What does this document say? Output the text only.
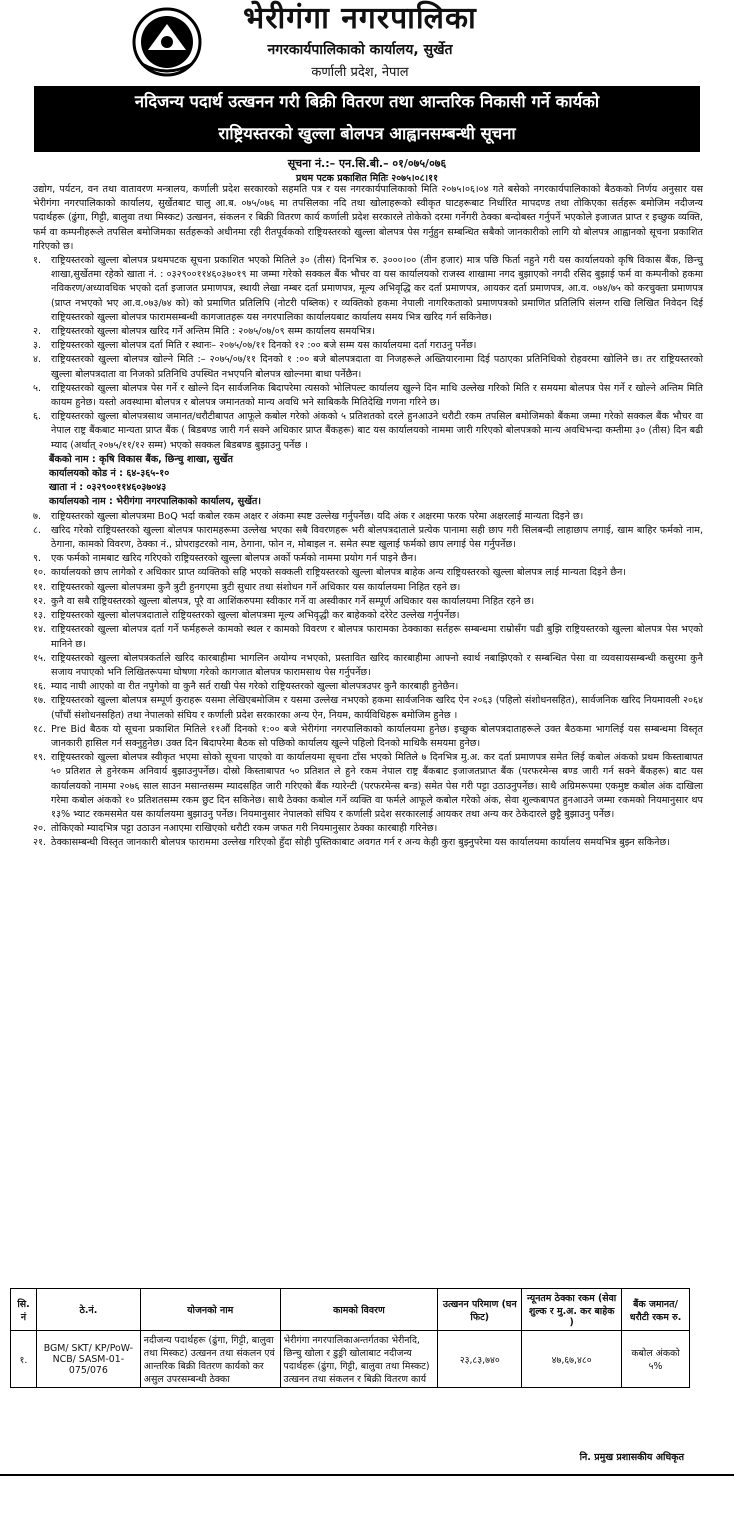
भेरीगंगा नगरपालिका
नगरकार्यपालिकाको कार्यालय, सुर्खेत
कर्णाली प्रदेश, नेपाल
नदिजन्य पदार्थ उत्खनन गरी बिक्री वितरण तथा आन्तरिक निकासी गर्ने कार्यको
राष्ट्रियस्तरको खुल्ला बोलपत्र आह्वानसम्बन्धी सूचना
सूचना नं.:– एन.सि.बी.– ०१/०७५/०७६
प्रथम पटक प्रकाशित मितिः २०७५।०८।११

उद्योग, पर्यटन, वन तथा वातावरण मन्त्रालय, कर्णाली प्रदेश सरकारको सहमति पत्र र यस नगरकार्यपालिकाको मिति २०७५।०६।०४ गते बसेको नगरकार्यपालिकाको बैठकको निर्णय अनुसार यस भेरीगंगा नगरपालिकाको कार्यालय, सुर्खेतबाट चालु आ.ब. ०७५/०७६ मा तपसिलका नदि तथा खोलाहरूको स्वीकृत घाटहरूबाट निर्धारित मापदण्ड तथा तोकिएका सर्तहरू बमोजिम नदीजन्य पदार्थहरू (ढुंगा, गिट्टी, बालुवा तथा मिस्कट) उत्खनन, संकलन र बिक्री वितरण कार्य कर्णाली प्रदेश सरकारले तोकेको दरमा गर्नेगरी ठेक्का बन्दोबस्त गर्नुपर्ने भएकोले इजाजत प्राप्त र इच्छुक व्यक्ति, फर्म वा कम्पनीहरूले तपसिल बमोजिमका सर्तहरूको अधीनमा रही रीतपूर्वकको राष्ट्रियस्तरको खुल्ला बोलपत्र पेस गर्नुहुन सम्बन्धित सबैको जानकारीको लागि यो बोलपत्र आह्वानको सूचना प्रकाशित गरिएको छ।

१.	राष्ट्रियस्तरको खुल्ला बोलपत्र प्रथमपटक सूचना प्रकाशित भएको मितिले ३० (तीस) दिनभित्र रु. ३०००।०० (तीन हजार) मात्र पछि फिर्ता नहुने गरी यस कार्यालयको कृषि विकास बैंक, छिन्चु शाखा,सुर्खेतमा रहेको खाता नं. : ०३२९००११४६०३७०१९ मा जम्मा गरेको सक्कल बैंक भौचर वा यस कार्यालयको राजस्व शाखामा नगद बुझाएको नगदी रसिद बुझाई फर्म वा कम्पनीको हकमा नविकरण/अध्यावधिक भएको दर्ता इजाजत प्रमाणपत्र, स्थायी लेखा नम्बर दर्ता प्रमाणपत्र, मूल्य अभिवृद्धि कर दर्ता प्रमाणपत्र, आयकर दर्ता प्रमाणपत्र, आ.व. ०७४/७५ को करचुक्ता प्रमाणपत्र (प्राप्त नभएको भए आ.व.०७३/७४ को) को प्रमाणित प्रतिलिपि (नोटरी पब्लिक) र व्यक्तिको हकमा नेपाली नागरिकताको प्रमाणपत्रको प्रमाणित प्रतिलिपि संलग्न राखि लिखित निवेदन दिई राष्ट्रियस्तरको खुल्ला बोलपत्र फारामसम्बन्धी कागजातहरू यस नगरपालिका कार्यालयबाट कार्यालय समय भित्र खरिद गर्न सकिनेछ।
२.	राष्ट्रियस्तरको खुल्ला बोलपत्र खरिद गर्ने अन्तिम मिति : २०७५/०७/०९ सम्म कार्यालय समयभित्र।
३.	राष्ट्रियस्तरको खुल्ला बोलपत्र दर्ता मिति र स्थानः– २०७५/०७/११ दिनको १२ :०० बजे सम्म यस कार्यालयमा दर्ता गराउनु पर्नेछ।
४.	राष्ट्रियस्तरको खुल्ला बोलपत्र खोल्ने मिति :– २०७५/०७/११ दिनको १ :०० बजे बोलपत्रदाता वा निजहरूले अख्तियारनामा दिई पठाएका प्रतिनिधिको रोहवरमा खोलिने छ। तर राष्ट्रियस्तरको खुल्ला बोलपत्रदाता वा निजको प्रतिनिधि उपस्थित नभएपनि बोलपत्र खोल्नमा बाधा पर्नेछैन।
५.	राष्ट्रियस्तरको खुल्ला बोलपत्र पेस गर्ने र खोल्ने दिन सार्वजनिक बिदापरेमा त्यसको भोलिपल्ट कार्यालय खुल्ने दिन माथि उल्लेख गरिको मिति र समयमा बोलपत्र पेस गर्ने र खोल्ने अन्तिम मिति कायम हुनेछ। यस्तो अवस्थामा बोलपत्र र बोलपत्र जमानतको मान्य अवधि भने साबिककै मितिदेखि गणना गरिने छ।
६.	राष्ट्रियस्तरको खुल्ला बोलपत्रसाथ जमानत/धरौटीबापत आफूले कबोल गरेको अंकको ५ प्रतिशतको दरले हुनआउने धरौटी रकम तपसिल बमोजिमको बैंकमा जम्मा गरेको सक्कल बैंक भौचर वा नेपाल राष्ट्र बैंकबाट मान्यता प्राप्त बैंक ( बिडबण्ड जारी गर्न सक्ने अधिकार प्राप्त बैंकहरू) बाट यस कार्यालयको नाममा जारी गरिएको बोलपत्रको मान्य अवधिभन्दा कम्तीमा ३० (तीस) दिन बढी म्याद (अर्थात् २०७५/११/१२ सम्म) भएको सक्कल बिडबण्ड बुझाउनु पर्नेछ ।
बैंकको नाम : कृषि विकास बैंक, छिन्चु शाखा, सुर्खेत
कार्यालयको कोड नं : ६४-३६५-१०
खाता नं : ०३२९००११४६०३७०४३
कार्यालयको नाम : भेरीगंगा नगरपालिकाको कार्यालय, सुर्खेत।
७.	राष्ट्रियस्तरको खुल्ला बोलपत्रमा BoQ भर्दा कबोल रकम अक्षर र अंकमा स्पष्ट उल्लेख गर्नुपर्नेछ। यदि अंक र अक्षरमा फरक परेमा अक्षरलाई मान्यता दिइने छ।
८.	खरिद गरेको राष्ट्रियस्तरको खुल्ला बोलपत्र फारामहरूमा उल्लेख भएका सबै विवरणहरू भरी बोलपत्रदाताले प्रत्येक पानामा सही छाप गरी सिलबन्दी लाहाछाप लगाई, खाम बाहिर फर्मको नाम, ठेगाना, कामको विवरण, ठेक्का नं., प्रोपराइटरको नाम, ठेगाना, फोन न, मोबाइल न. समेत स्पष्ट खुलाई फर्मको छाप लगाई पेस गर्नुपर्नेछ।
९.	एक फर्मको नामबाट खरिद गरिएको राष्ट्रियस्तरको खुल्ला बोलपत्र अर्को फर्मको नाममा प्रयोग गर्न पाइने छैन।
१०. कार्यालयको छाप लागेको र अधिकार प्राप्त व्यक्तिको सहि भएको सक्कली राष्ट्रियस्तरको खुल्ला बोलपत्र बाहेक अन्य राष्ट्रियस्तरको खुल्ला बोलपत्र लाई मान्यता दिइने छैन।
११. राष्ट्रियस्तरको खुल्ला बोलपत्रमा कुनै त्रुटी हुनगएमा त्रुटी सुधार तथा संशोधन गर्ने अधिकार यस कार्यालयमा निहित रहने छ।
१२. कुनै वा सबै राष्ट्रियस्तरको खुल्ला बोलपत्र, पूरै वा आशिंकरुपमा स्वीकार गर्ने वा अस्वीकार गर्ने सम्पूर्ण अधिकार यस कार्यालयमा निहित रहने छ।
१३. राष्ट्रियस्तरको खुल्ला बोलपत्रदाताले राष्ट्रियस्तरको खुल्ला बोलपत्रमा मूल्य अभिवृद्धी कर बाहेकको दरेरेट उल्लेख गर्नुपर्नेछ।
१४. राष्ट्रियस्तरको खुल्ला बोलपत्र दर्ता गर्ने फर्महरूले कामको स्थल र कामको विवरण र बोलपत्र फारामका ठेक्काका सर्तहरू सम्बन्धमा राम्रोसँग पढी बुझि राष्ट्रियस्तरको खुल्ला बोलपत्र पेस भएको मानिने छ।
१५. राष्ट्रियस्तरको खुल्ला बोलपत्रकर्ताले खरिद कारबाहीमा भागलिन अयोग्य नभएको, प्रस्तावित खरिद कारबाहीमा आफ्नो स्वार्थ नबाझिएको र सम्बन्धित पेसा वा व्यवसायसम्बन्धी कसुरमा कुनै सजाय नपाएको भनि लिखितरूपमा घोषणा गरेको कागजात बोलपत्र फारामसाथ पेस गर्नुपर्नेछ।
१६. म्याद नाघी आएको वा रीत नपुगेको वा कुनै सर्त राखी पेस गरेको राष्ट्रियस्तरको खुल्ला बोलपत्रउपर कुनै कारबाही हुनेछैन।
१७. राष्ट्रियस्तरको खुल्ला बोलपत्र सम्पूर्ण कुराहरू यसमा लेखिएबमोजिम र यसमा उल्लेख नभएको हकमा सार्वजनिक खरिद ऐन २०६३ (पहिलो संशोधनसहित), सार्वजनिक खरिद नियमावली २०६४ (पाँचौं संशोधनसहित) तथा नेपालको संघिय र कर्णाली प्रदेश सरकारका अन्य ऐन, नियम, कार्यविधिहरू बमोजिम हुनेछ ।
१८. Pre Bid बैठक यो सूचना प्रकाशित मितिले ११औं दिनको १:०० बजे भेरीगंगा नगरपालिकाको कार्यालयमा हुनेछ। इच्छुक बोलपत्रदाताहरूले उक्त बैठकमा भागलिई यस सम्बन्धमा विस्तृत जानकारी हासिल गर्न सक्नुहुनेछ। उक्त दिन बिदापरेमा बैठक सो पछिको कार्यालय खुल्ने पहिलो दिनको माथिकै समयमा हुनेछ।
१९. राष्ट्रियस्तरको खुल्ला बोलपत्र स्वीकृत भएमा सोको सूचना पाएको वा कार्यालयमा सूचना टाँस भएको मितिले ७ दिनभित्र मु.अ. कर दर्ता प्रमाणपत्र समेत लिई कबोल अंकको प्रथम किस्ताबापत ५० प्रतिशत ले हुनेरकम अनिवार्य बुझाउनुपर्नेछ। दोस्रो किस्ताबापत ५० प्रतिशत ले हुने रकम नेपाल राष्ट्र बैंकबाट इजाजतप्राप्त बैंक (परफरमेन्स बण्ड जारी गर्न सक्ने बैंकहरू) बाट यस कार्यालयको नाममा २०७६ साल साउन मसान्तसम्म म्यादसहित जारी गरिएको बैंक ग्यारेन्टी (परफरमेन्स बन्ड) समेत पेस गरी पट्टा उठाउनुपर्नेछ। साथै अग्रिमरूपमा एकमुष्ट कबोल अंक दाखिला गरेमा कबोल अंकको १० प्रतिशतसम्म रकम छुट दिन सकिनेछ। साथै ठेक्का कबोल गर्ने व्यक्ति वा फर्मले आफूले कबोल गरेको अंक, सेवा शुल्कबापत हुनआउने जम्मा रकमको नियमानुसार थप १३% भ्याट रकमसमेत यस कार्यालयमा बुझाउनु पर्नेछ। नियमानुसार नेपालको संघिय र कर्णाली प्रदेश सरकारलाई आयकर तथा अन्य कर ठेकेदारले छुट्टै बुझाउनु पर्नेछ।
२०. तोकिएको म्यादभित्र पट्टा उठाउन नआएमा राखिएको धरौटी रकम जफत गरी नियमानुसार ठेक्का कारबाही गरिनेछ।
२१. ठेक्कासम्बन्धी विस्तृत जानकारी बोलपत्र फाराममा उल्लेख गरिएको हुँदा सोही पुस्तिकाबाट अवगत गर्न र अन्य केही कुरा बुझ्नुपरेमा यस कार्यालयमा कार्यालय समयभित्र बुझ्न सकिनेछ।
सि. नं	ठे.नं.	योजनको नाम	कामको विवरण	उत्खनन परिमाण (घन फिट)	न्यूनतम ठेक्का रकम (सेवा शुल्क र मु.अ. कर बाहेक )	बैंक जमानत/ धरौटी रकम रु.
१.	BGM/ SKT/ KP/PoW-NCB/ SASM-01-075/076	नदीजन्य पदार्थहरू (ढुंगा, गिट्टी, बालुवा तथा मिस्कट) उत्खनन तथा संकलन एवं आन्तरिक बिक्री वितरण कार्यको कर असुल उपरसम्बन्धी ठेक्का	भेरीगंगा नगरपालिकाअन्तर्गतका भेरीनदि, छिन्चु खोला र डुङ्री खोलाबाट नदीजन्य पदार्थहरू (ढुंगा, गिट्टी, बालुवा तथा मिस्कट) उत्खनन तथा संकलन र बिक्री वितरण कार्य	२३,८३,७४०	४७,६७,४८०	कबोल अंकको ५%
नि. प्रमुख प्रशासकीय अधिकृत
